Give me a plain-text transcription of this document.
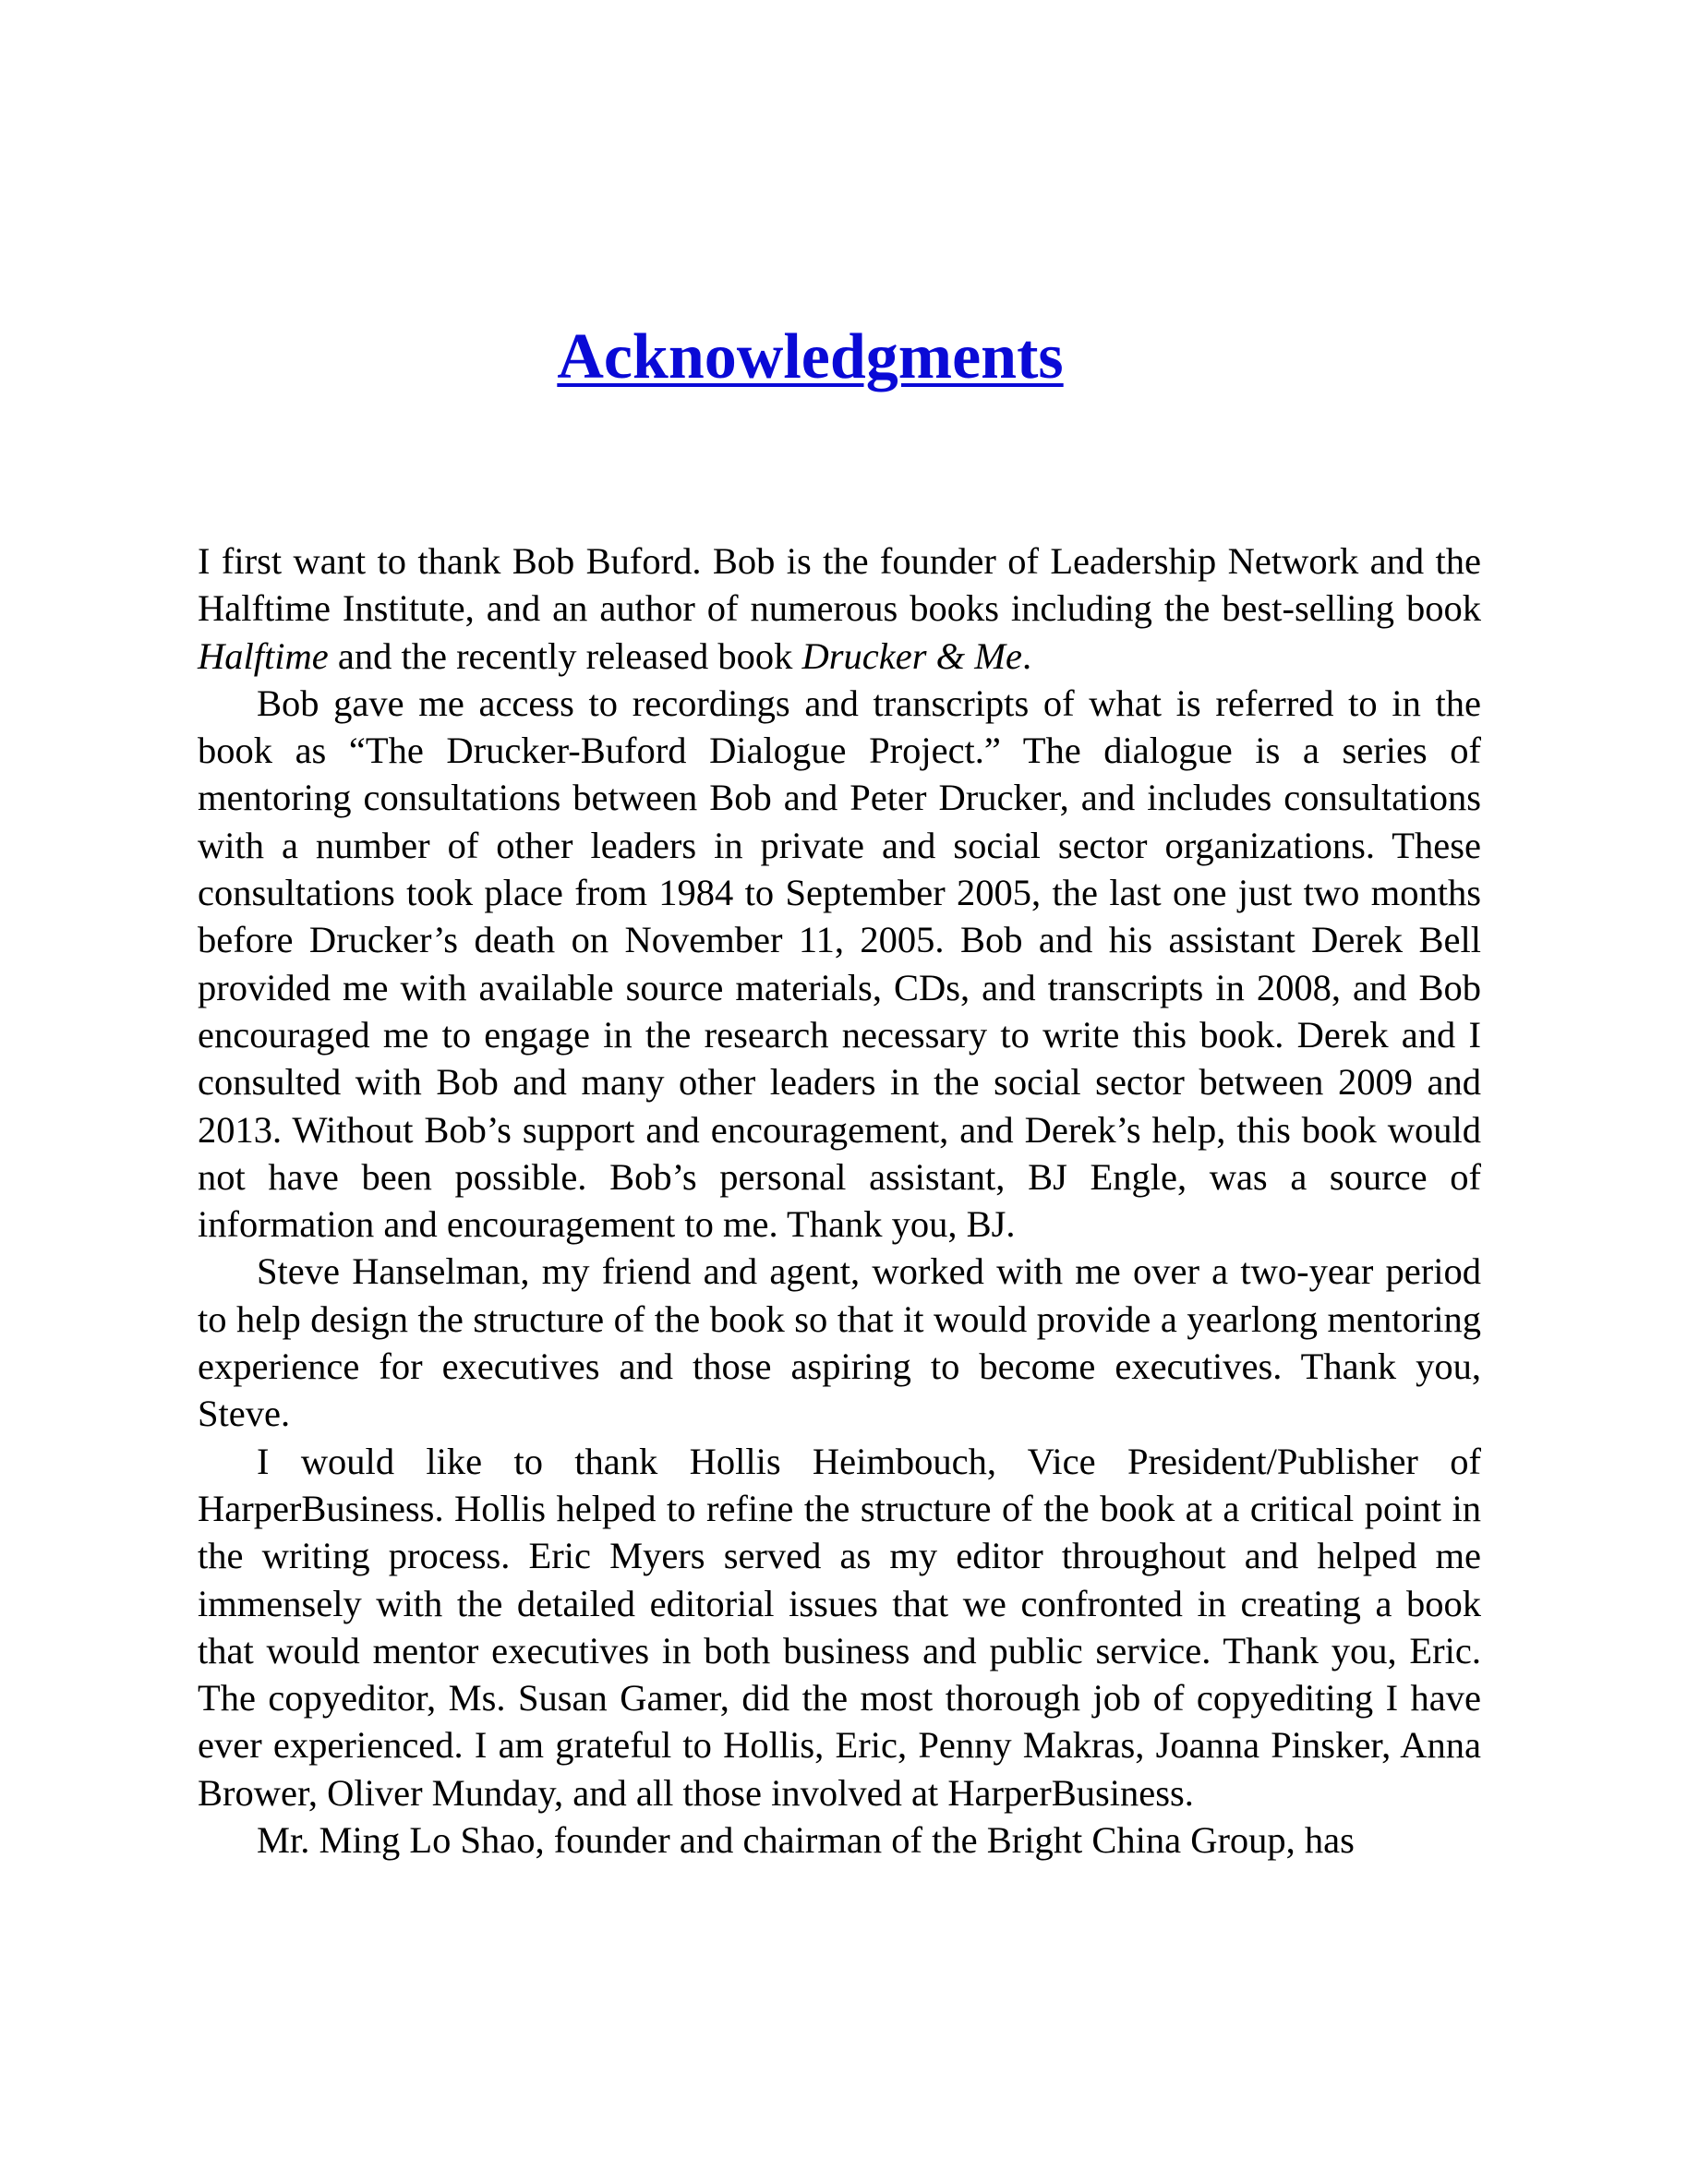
Acknowledgments

I first want to thank Bob Buford. Bob is the founder of Leadership Network and the Halftime Institute, and an author of numerous books including the best-selling book Halftime and the recently released book Drucker & Me.

Bob gave me access to recordings and transcripts of what is referred to in the book as “The Drucker-Buford Dialogue Project.” The dialogue is a series of mentoring consultations between Bob and Peter Drucker, and includes consultations with a number of other leaders in private and social sector organizations. These consultations took place from 1984 to September 2005, the last one just two months before Drucker’s death on November 11, 2005. Bob and his assistant Derek Bell provided me with available source materials, CDs, and transcripts in 2008, and Bob encouraged me to engage in the research necessary to write this book. Derek and I consulted with Bob and many other leaders in the social sector between 2009 and 2013. Without Bob’s support and encouragement, and Derek’s help, this book would not have been possible. Bob’s personal assistant, BJ Engle, was a source of information and encouragement to me. Thank you, BJ.

Steve Hanselman, my friend and agent, worked with me over a two-year period to help design the structure of the book so that it would provide a yearlong mentoring experience for executives and those aspiring to become executives. Thank you, Steve.

I would like to thank Hollis Heimbouch, Vice President/Publisher of HarperBusiness. Hollis helped to refine the structure of the book at a critical point in the writing process. Eric Myers served as my editor throughout and helped me immensely with the detailed editorial issues that we confronted in creating a book that would mentor executives in both business and public service. Thank you, Eric. The copyeditor, Ms. Susan Gamer, did the most thorough job of copyediting I have ever experienced. I am grateful to Hollis, Eric, Penny Makras, Joanna Pinsker, Anna Brower, Oliver Munday, and all those involved at HarperBusiness.

Mr. Ming Lo Shao, founder and chairman of the Bright China Group, has
